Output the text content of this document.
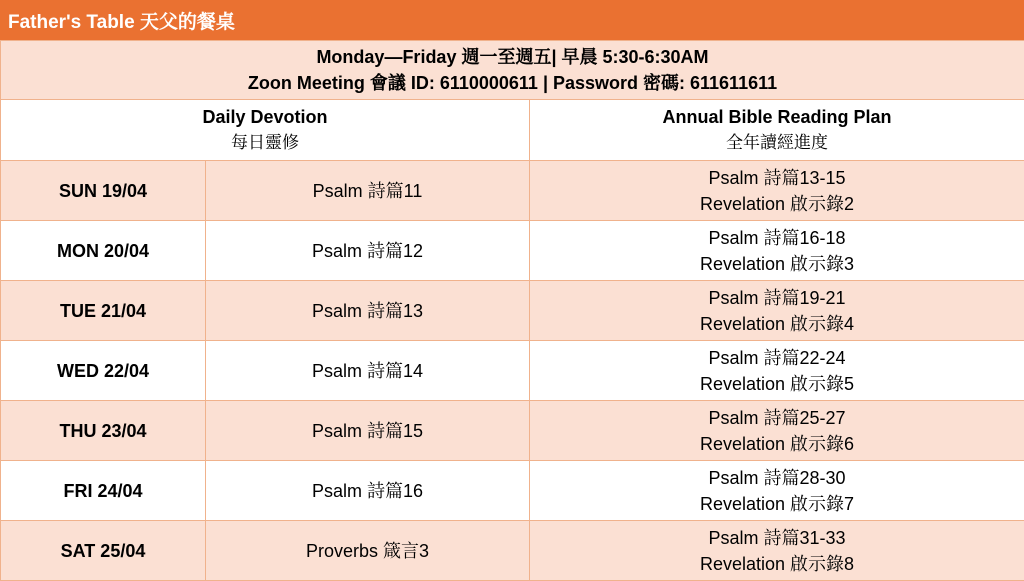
Father's Table 天父的餐桌
Monday—Friday 週一至週五| 早晨 5:30-6:30AM
Zoon Meeting 會議 ID: 6110000611 | Password 密碼: 611611611		

Daily Devotion
每日靈修		Annual Bible Reading Plan
全年讀經進度

SUN 19/04	Psalm 詩篇11	Psalm 詩篇13-15
Revelation 啟示錄2

MON 20/04	Psalm 詩篇12	Psalm 詩篇16-18
Revelation 啟示錄3

TUE 21/04	Psalm 詩篇13	Psalm 詩篇19-21
Revelation 啟示錄4

WED 22/04	Psalm 詩篇14	Psalm 詩篇22-24
Revelation 啟示錄5

THU 23/04	Psalm 詩篇15	Psalm 詩篇25-27
Revelation 啟示錄6

FRI 24/04	Psalm 詩篇16	Psalm 詩篇28-30
Revelation 啟示錄7

SAT 25/04	Proverbs 箴言3	Psalm 詩篇31-33
Revelation 啟示錄8
